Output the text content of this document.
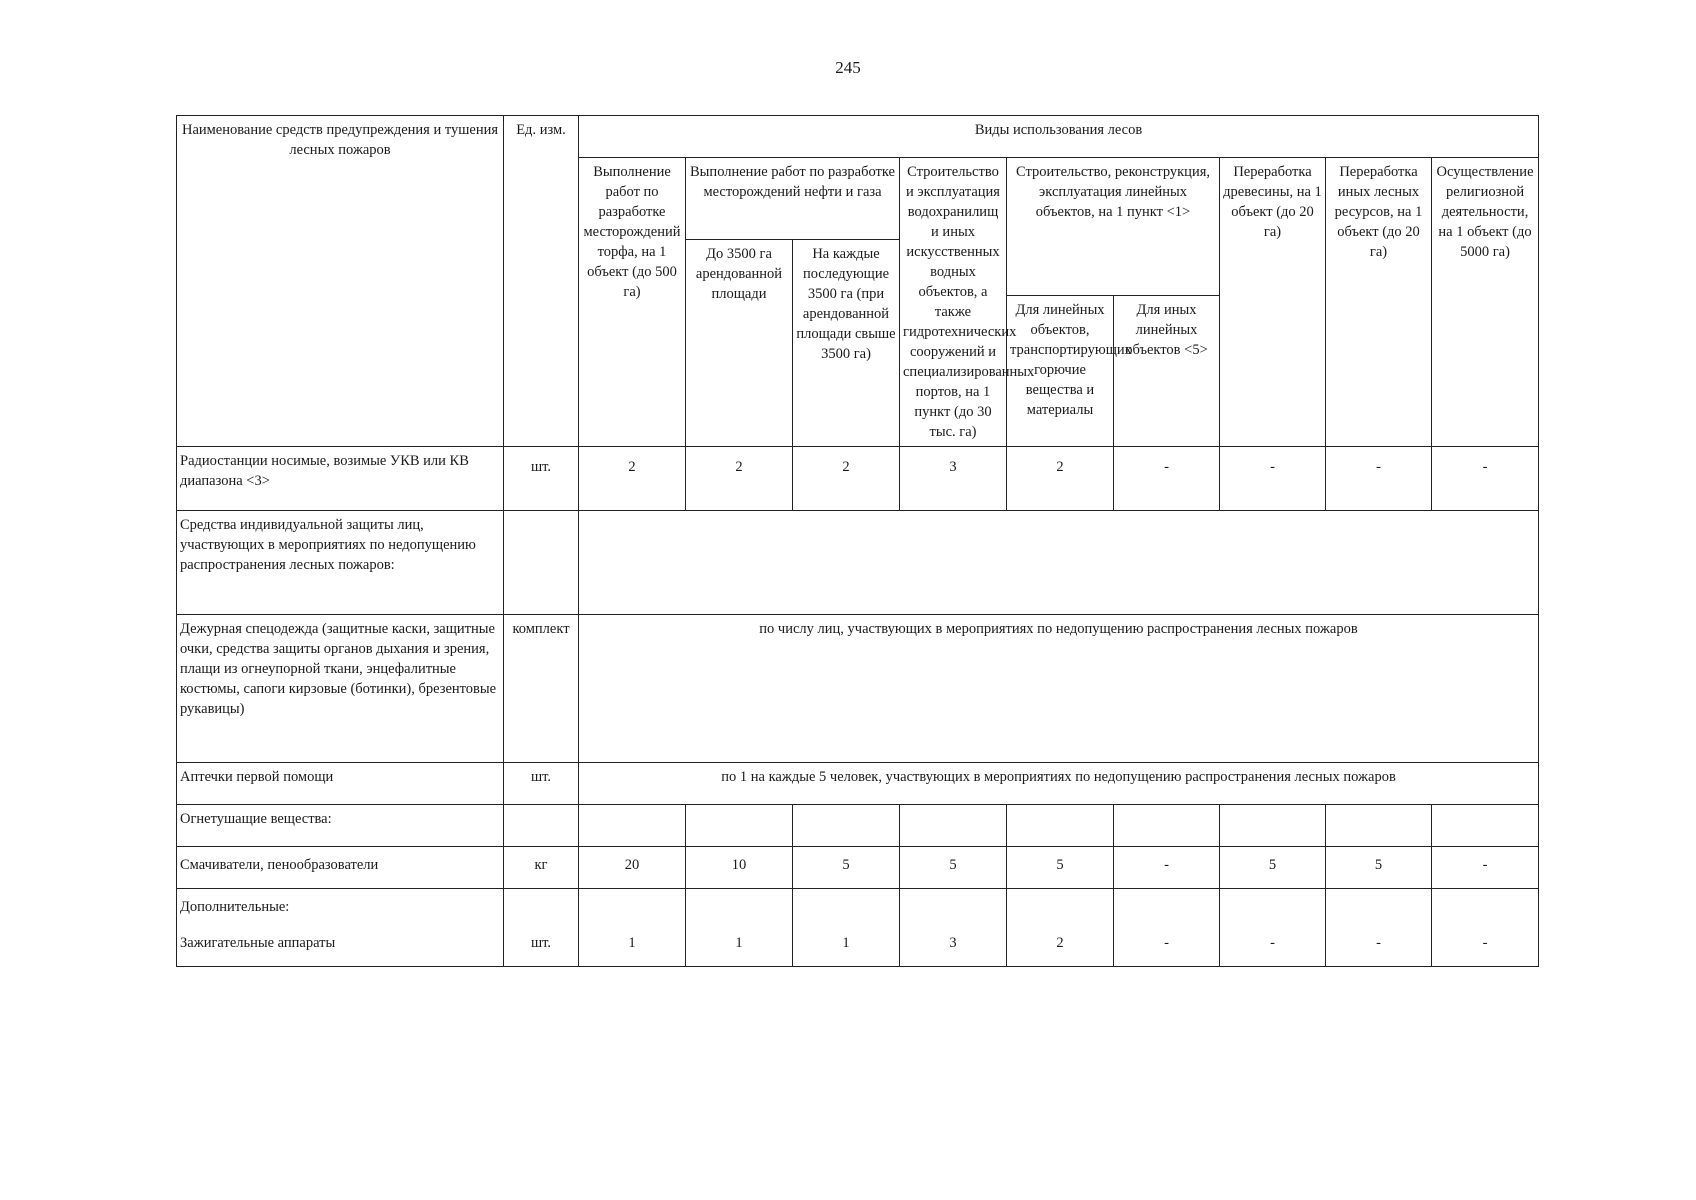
245
Наименование средств предупреждения и тушения лесных пожаров	Ед. изм.	Виды использования лесов								
		Выполнение работ по разработке месторождений торфа, на 1 объект (до 500 га)	Выполнение работ по разработке месторождений нефти и газа		Строительство и эксплуатация водохранилищ и иных искусственных водных объектов, а также гидротехнических сооружений и специализированных портов, на 1 пункт (до 30 тыс. га)	Строительство, реконструкция, эксплуатация линейных объектов, на 1 пункт <1>		Переработка древесины, на 1 объект (до 20 га)	Переработка иных лесных ресурсов, на 1 объект (до 20 га)	Осуществление религиозной деятельности, на 1 объект (до 5000 га)
			До 3500 га арендованной площади	На каждые последующие 3500 га (при арендованной площади свыше 3500 га)						
						Для линейных объектов, транспортирующих горючие вещества и материалы	Для иных линейных объектов <5>			

Радиостанции носимые, возимые УКВ или КВ диапазона <3>	шт.	2	2	2	3	2	-	-	-	-
Средства индивидуальной защиты лиц, участвующих в мероприятиях по недопущению распространения лесных пожаров:										
Дежурная спецодежда (защитные каски, защитные очки, средства защиты органов дыхания и зрения, плащи из огнеупорной ткани, энцефалитные костюмы, сапоги кирзовые (ботинки), брезентовые рукавицы)	комплект	по числу лиц, участвующих в мероприятиях по недопущению распространения лесных пожаров								
Аптечки первой помощи	шт.	по 1 на каждые 5 человек, участвующих в мероприятиях по недопущению распространения лесных пожаров								
Огнетушащие вещества:										
Смачиватели, пенообразователи	кг	20	10	5	5	5	-	5	5	-
Дополнительные:										
Зажигательные аппараты	шт.	1	1	1	3	2	-	-	-	-
